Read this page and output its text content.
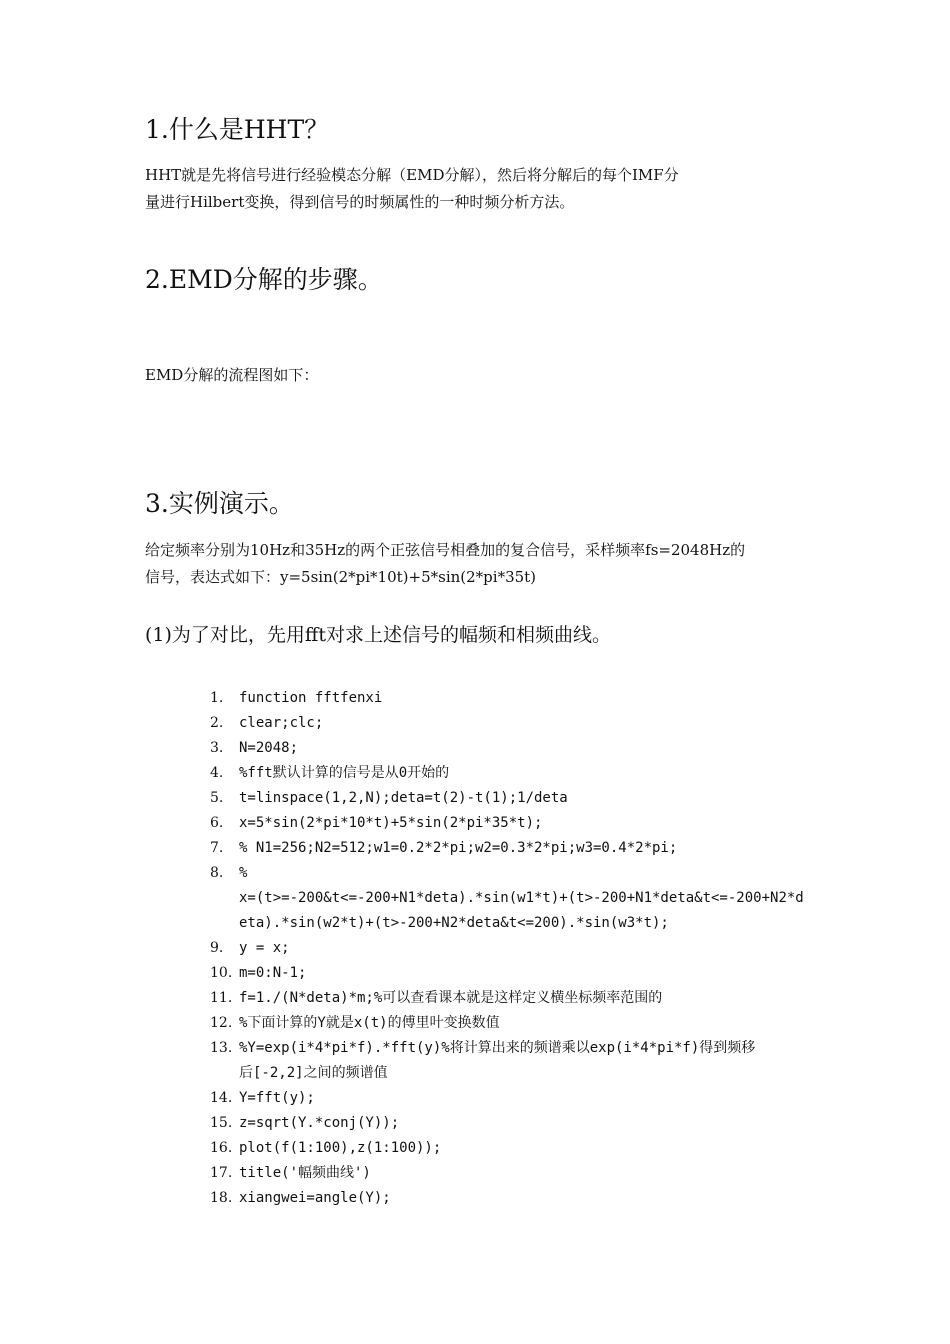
1.什么是HHT？

HHT就是先将信号进行经验模态分解（EMD分解），然后将分解后的每个IMF分
量进行Hilbert变换，得到信号的时频属性的一种时频分析方法。

2.EMD分解的步骤。

EMD分解的流程图如下：

3.实例演示。

给定频率分别为10Hz和35Hz的两个正弦信号相叠加的复合信号，采样频率fs=2048Hz的
信号，表达式如下：y=5sin(2*pi*10t)+5*sin(2*pi*35t)

(1)为了对比，先用fft对求上述信号的幅频和相频曲线。

1.	function fftfenxi
2.	clear;clc;
3.	N=2048;
4.	%fft默认计算的信号是从0开始的
5.	t=linspace(1,2,N);deta=t(2)-t(1);1/deta
6.	x=5*sin(2*pi*10*t)+5*sin(2*pi*35*t);
7.	% N1=256;N2=512;w1=0.2*2*pi;w2=0.3*2*pi;w3=0.4*2*pi;
8.	%
x=(t>=-200&t<=-200+N1*deta).*sin(w1*t)+(t>-200+N1*deta&t<=-200+N2*d
eta).*sin(w2*t)+(t>-200+N2*deta&t<=200).*sin(w3*t);
9.	y = x;
10. m=0:N-1;
11. f=1./(N*deta)*m;%可以查看课本就是这样定义横坐标频率范围的
12. %下面计算的Y就是x(t)的傅里叶变换数值
13. %Y=exp(i*4*pi*f).*fft(y)%将计算出来的频谱乘以exp(i*4*pi*f)得到频移
后[-2,2]之间的频谱值
14. Y=fft(y);
15. z=sqrt(Y.*conj(Y));
16. plot(f(1:100),z(1:100));
17. title('幅频曲线')
18. xiangwei=angle(Y);
